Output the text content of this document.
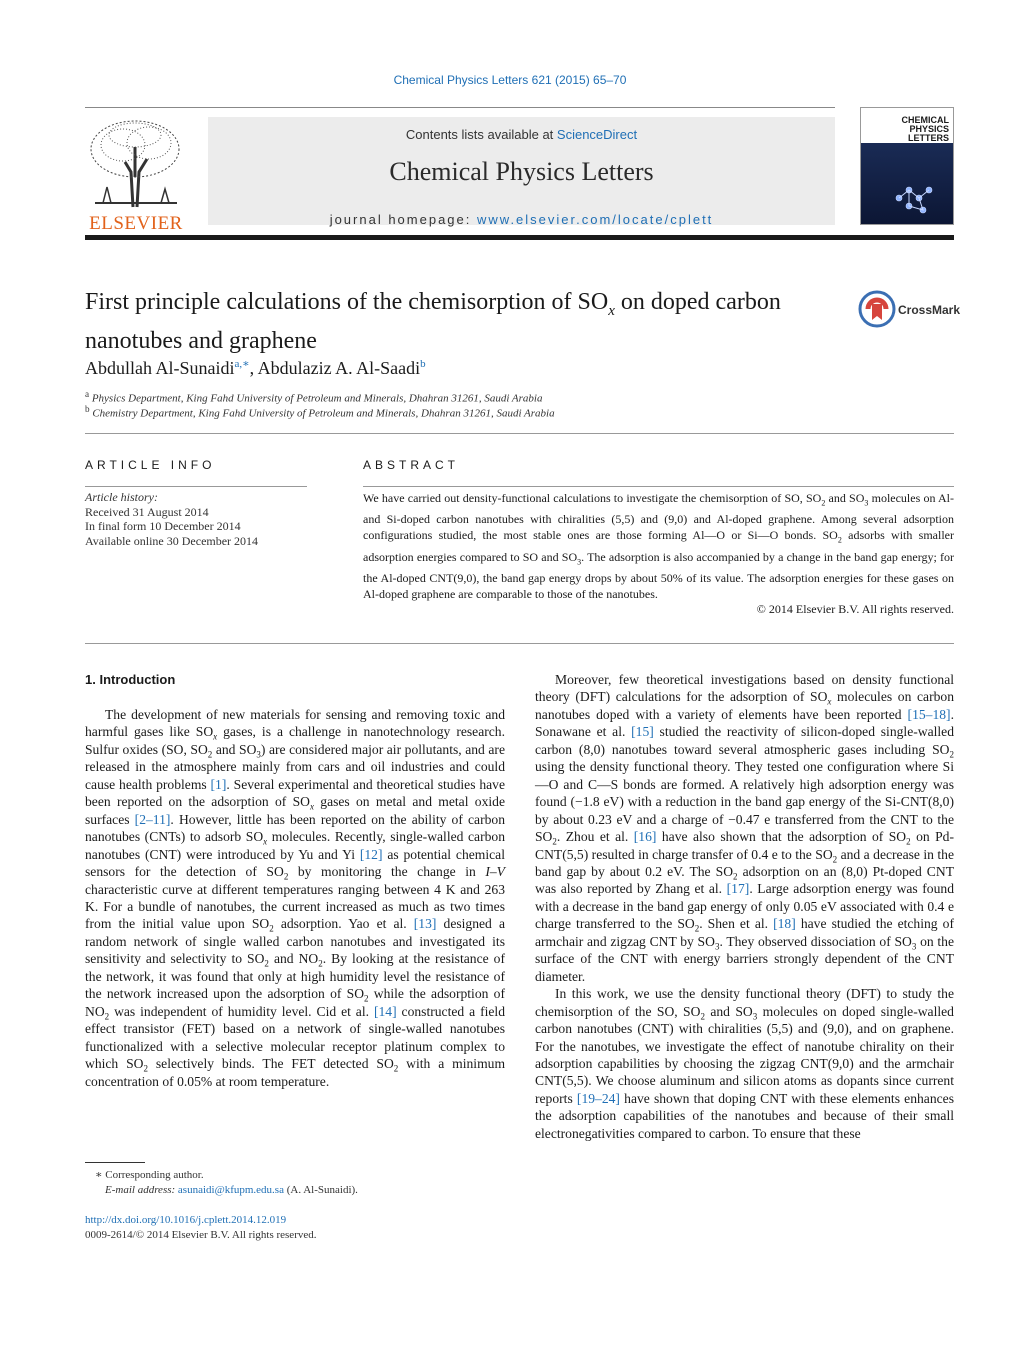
Chemical Physics Letters 621 (2015) 65–70
ELSEVIER
Contents lists available at ScienceDirect
Chemical Physics Letters
journal homepage: www.elsevier.com/locate/cplett
CHEMICAL PHYSICS LETTERS
First principle calculations of the chemisorption of $SO_x$ on doped carbon nanotubes and graphene
CrossMark
Abdullah Al-Sunaidi$^{a,∗}$, Abdulaziz A. Al-Saadi$^b$
$^a$ Physics Department, King Fahd University of Petroleum and Minerals, Dhahran 31261, Saudi Arabia
$^b$ Chemistry Department, King Fahd University of Petroleum and Minerals, Dhahran 31261, Saudi Arabia
ARTICLE INFO
Article history:
Received 31 August 2014
In final form 10 December 2014
Available online 30 December 2014
ABSTRACT
We have carried out density-functional calculations to investigate the chemisorption of SO, $SO_2$ and $SO_3$ molecules on Al- and Si-doped carbon nanotubes with chiralities (5,5) and (9,0) and Al-doped graphene. Among several adsorption configurations studied, the most stable ones are those forming Al—O or Si—O bonds. $SO_2$ adsorbs with smaller adsorption energies compared to SO and $SO_3$. The adsorption is also accompanied by a change in the band gap energy; for the Al-doped CNT(9,0), the band gap energy drops by about 50% of its value. The adsorption energies for these gases on Al-doped graphene are comparable to those of the nanotubes.
© 2014 Elsevier B.V. All rights reserved.
1. Introduction

The development of new materials for sensing and removing toxic and harmful gases like $SO_x$ gases, is a challenge in nanotechnology research. Sulfur oxides (SO, $SO_2$ and $SO_3$) are considered major air pollutants, and are released in the atmosphere mainly from cars and oil industries and could cause health problems [1]. Several experimental and theoretical studies have been reported on the adsorption of $SO_x$ gases on metal and metal oxide surfaces [2–11]. However, little has been reported on the ability of carbon nanotubes (CNTs) to adsorb $SO_x$ molecules. Recently, single-walled carbon nanotubes (CNT) were introduced by Yu and Yi [12] as potential chemical sensors for the detection of $SO_2$ by monitoring the change in I–V characteristic curve at different temperatures ranging between 4 K and 263 K. For a bundle of nanotubes, the current increased as much as two times from the initial value upon $SO_2$ adsorption. Yao et al. [13] designed a random network of single walled carbon nanotubes and investigated its sensitivity and selectivity to $SO_2$ and $NO_2$. By looking at the resistance of the network, it was found that only at high humidity level the resistance of the network increased upon the adsorption of $SO_2$ while the adsorption of $NO_2$ was independent of humidity level. Cid et al. [14] constructed a field effect transistor (FET) based on a network of single-walled nanotubes functionalized with a selective molecular receptor platinum complex to which $SO_2$ selectively binds. The FET detected $SO_2$ with a minimum concentration of 0.05% at room temperature.

Moreover, few theoretical investigations based on density functional theory (DFT) calculations for the adsorption of $SO_x$ molecules on carbon nanotubes doped with a variety of elements have been reported [15–18]. Sonawane et al. [15] studied the reactivity of silicon-doped single-walled carbon (8,0) nanotubes toward several atmospheric gases including $SO_2$ using the density functional theory. They tested one configuration where Si—O and C—S bonds are formed. A relatively high adsorption energy was found (−1.8 eV) with a reduction in the band gap energy of the Si-CNT(8,0) by about 0.23 eV and a charge of −0.47 e transferred from the CNT to the $SO_2$. Zhou et al. [16] have also shown that the adsorption of $SO_2$ on Pd-CNT(5,5) resulted in charge transfer of 0.4 e to the $SO_2$ and a decrease in the band gap by about 0.2 eV. The $SO_2$ adsorption on an (8,0) Pt-doped CNT was also reported by Zhang et al. [17]. Large adsorption energy was found with a decrease in the band gap energy of only 0.05 eV associated with 0.4 e charge transferred to the $SO_2$. Shen et al. [18] have studied the etching of armchair and zigzag CNT by $SO_3$. They observed dissociation of $SO_3$ on the surface of the CNT with energy barriers strongly dependent of the CNT diameter.

In this work, we use the density functional theory (DFT) to study the chemisorption of the SO, $SO_2$ and $SO_3$ molecules on doped single-walled carbon nanotubes (CNT) with chiralities (5,5) and (9,0), and on graphene. For the nanotubes, we investigate the effect of nanotube chirality on their adsorption capabilities by choosing the zigzag CNT(9,0) and the armchair CNT(5,5). We choose aluminum and silicon atoms as dopants since current reports [19–24] have shown that doping CNT with these elements enhances the adsorption capabilities of the nanotubes and because of their small electronegativities compared to carbon. To ensure that these

∗ Corresponding author.
E-mail address: asunaidi@kfupm.edu.sa (A. Al-Sunaidi).
http://dx.doi.org/10.1016/j.cplett.2014.12.019
0009-2614/© 2014 Elsevier B.V. All rights reserved.
